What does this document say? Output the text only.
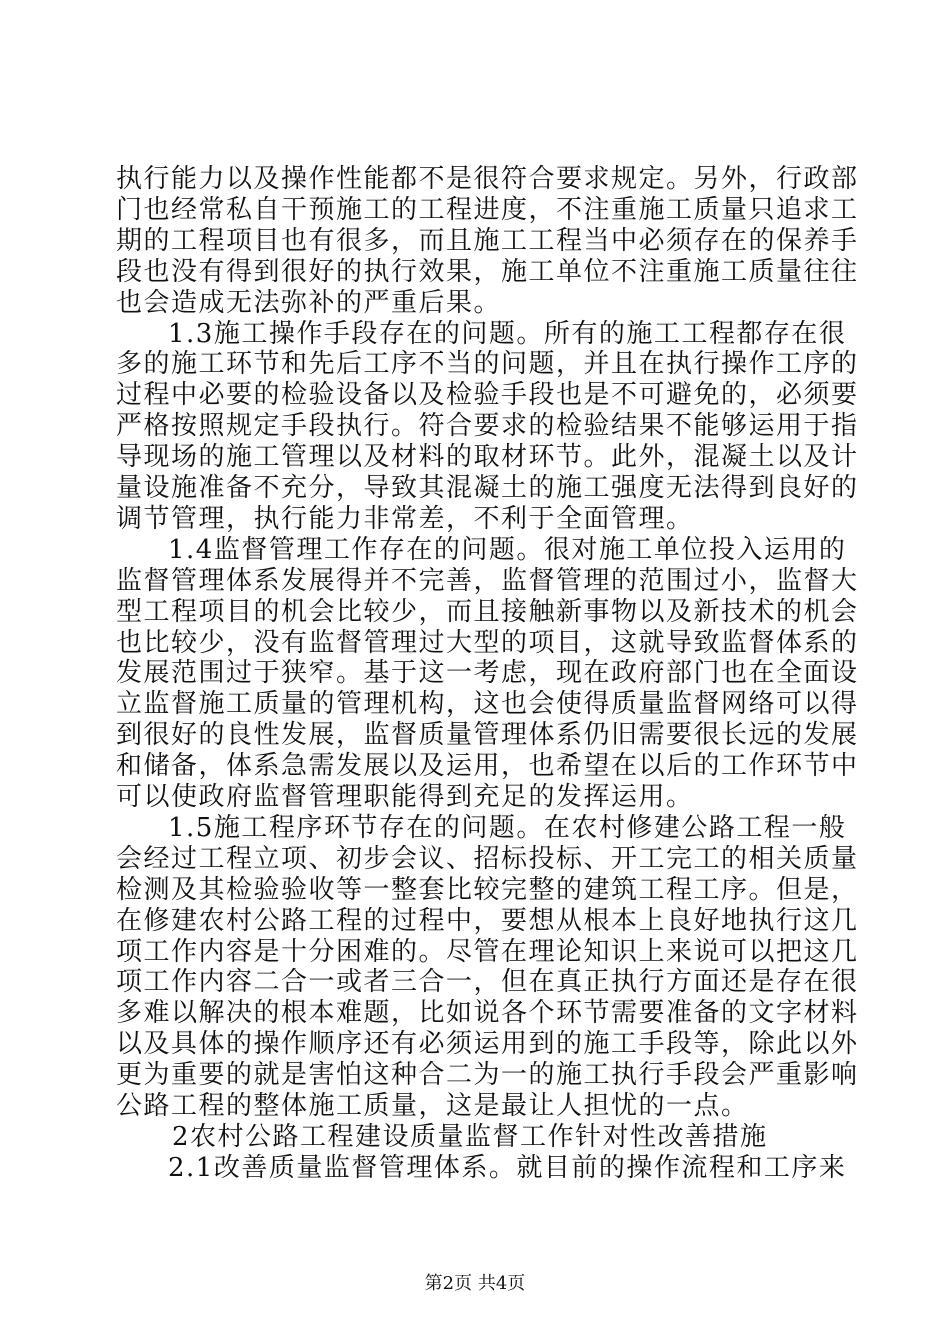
执行能力以及操作性能都不是很符合要求规定。另外，行政部
门也经常私自干预施工的工程进度，不注重施工质量只追求工
期的工程项目也有很多，而且施工工程当中必须存在的保养手
段也没有得到很好的执行效果，施工单位不注重施工质量往往
也会造成无法弥补的严重后果。
1.3施工操作手段存在的问题。所有的施工工程都存在很
多的施工环节和先后工序不当的问题，并且在执行操作工序的
过程中必要的检验设备以及检验手段也是不可避免的，必须要
严格按照规定手段执行。符合要求的检验结果不能够运用于指
导现场的施工管理以及材料的取材环节。此外，混凝土以及计
量设施准备不充分，导致其混凝土的施工强度无法得到良好的
调节管理，执行能力非常差，不利于全面管理。
1.4监督管理工作存在的问题。很对施工单位投入运用的
监督管理体系发展得并不完善，监督管理的范围过小，监督大
型工程项目的机会比较少，而且接触新事物以及新技术的机会
也比较少，没有监督管理过大型的项目，这就导致监督体系的
发展范围过于狭窄。基于这一考虑，现在政府部门也在全面设
立监督施工质量的管理机构，这也会使得质量监督网络可以得
到很好的良性发展，监督质量管理体系仍旧需要很长远的发展
和储备，体系急需发展以及运用，也希望在以后的工作环节中
可以使政府监督管理职能得到充足的发挥运用。
1.5施工程序环节存在的问题。在农村修建公路工程一般
会经过工程立项、初步会议、招标投标、开工完工的相关质量
检测及其检验验收等一整套比较完整的建筑工程工序。但是，
在修建农村公路工程的过程中，要想从根本上良好地执行这几
项工作内容是十分困难的。尽管在理论知识上来说可以把这几
项工作内容二合一或者三合一，但在真正执行方面还是存在很
多难以解决的根本难题，比如说各个环节需要准备的文字材料
以及具体的操作顺序还有必须运用到的施工手段等，除此以外
更为重要的就是害怕这种合二为一的施工执行手段会严重影响
公路工程的整体施工质量，这是最让人担忧的一点。
2农村公路工程建设质量监督工作针对性改善措施
2.1改善质量监督管理体系。就目前的操作流程和工序来
第2页 共4页
